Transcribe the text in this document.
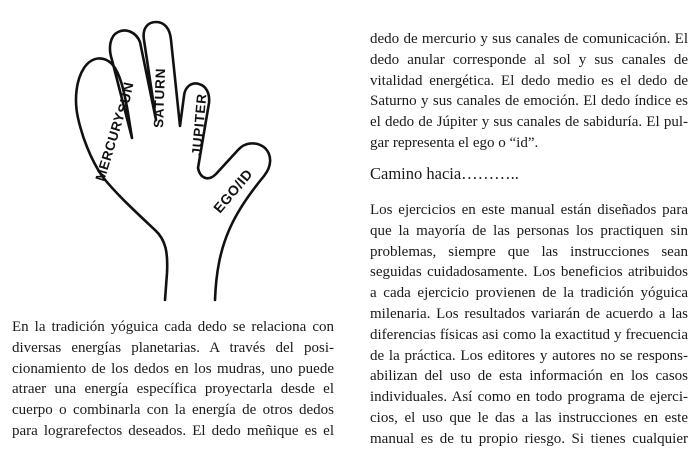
MERCURY
SUN SATURN JUPITER
EGO/ID
En la tradición yóguica cada dedo se relaciona con
diversas energías planetarias. A través del posi-
cionamiento de los dedos en los mudras, uno puede
atraer una energía específica proyectarla desde el
cuerpo o combinarla con la energía de otros dedos
para lograrefectos deseados. El dedo meñique es el
dedo de mercurio y sus canales de comunicación. El
dedo anular corresponde al sol y sus canales de
vitalidad energética. El dedo medio es el dedo de
Saturno y sus canales de emoción. El dedo índice es
el dedo de Júpiter y sus canales de sabiduría. El pul-
gar representa el ego o “id”.
Camino hacia………..
Los ejercicios en este manual están diseñados para
que la mayoría de las personas los practiquen sin
problemas, siempre que las instrucciones sean
seguidas cuidadosamente. Los beneficios atribuidos
a cada ejercicio provienen de la tradición yóguica
milenaria. Los resultados variarán de acuerdo a las
diferencias físicas asi como la exactitud y frecuencia
de la práctica. Los editores y autores no se respons-
abilizan del uso de esta información en los casos
individuales. Así como en todo programa de ejerci-
cios, el uso que le das a las instrucciones en este
manual es de tu propio riesgo. Si tienes cualquier
